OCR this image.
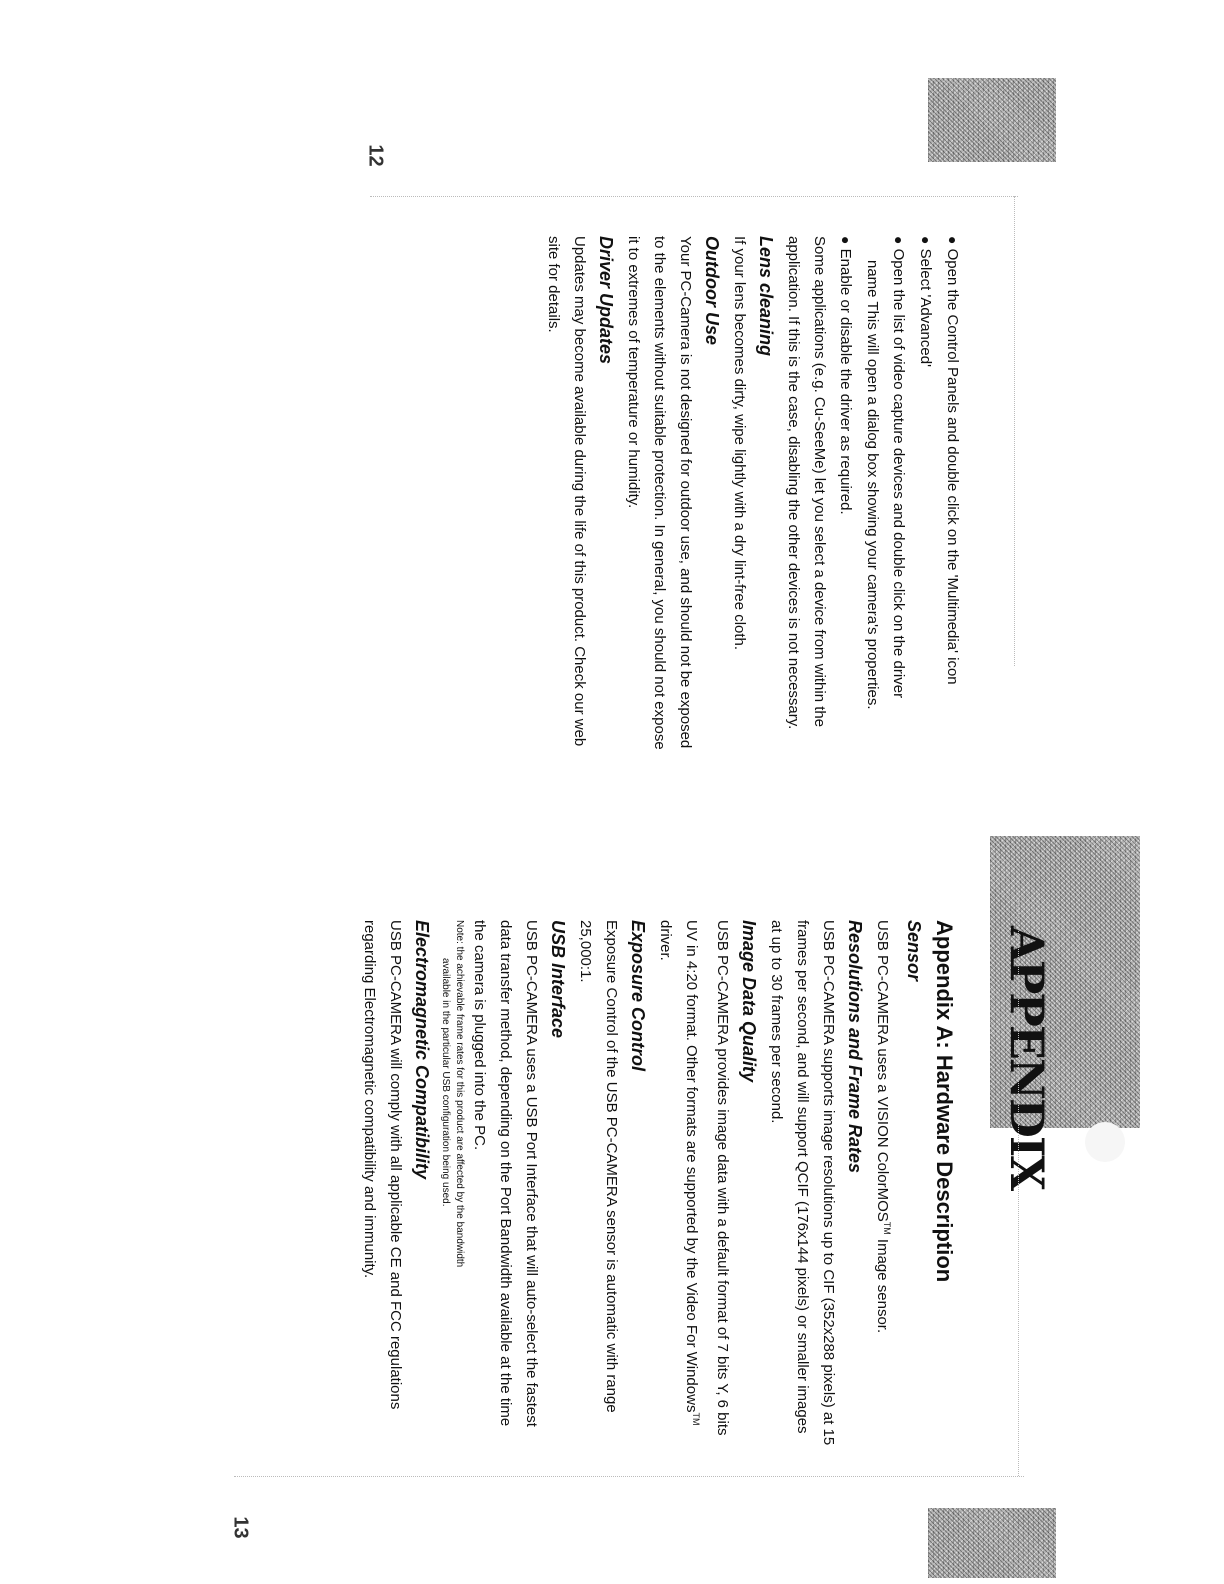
APPENDIX
12
13

● Open the Control Panels and double click on the 'Multimedia' icon

● Select 'Advanced'

● Open the list of video capture devices and double click on the driver
name This will open a dialog box showing your camera's properties.

● Enable or disable the driver as required.

Some applications (e.g. Cu-SeeMe) let you select a device from within the application. If this is the case, disabling the other devices is not necessary.

Lens cleaning

If your lens becomes dirty, wipe lightly with a dry lint-free cloth.

Outdoor Use

Your PC-Camera is not designed for outdoor use, and should not be exposed to the elements without suitable protection. In general, you should not expose it to extremes of temperature or humidity.

Driver Updates

Updates may become available during the life of this product. Check our web site for details.

Appendix A: Hardware Description

Sensor

USB PC-CAMERA uses a VISION ColorMOS™ Image sensor.

Resolutions and Frame Rates

USB PC-CAMERA supports image resolutions up to CIF (352x288 pixels) at 15 frames per second, and will support QCIF (176x144 pixels) or smaller images at up to 30 frames per second.

Image Data Quality

USB PC-CAMERA provides image data with a default format of 7 bits Y, 6 bits UV in 4:20 format. Other formats are supported by the Video For Windows™ driver.

Exposure Control

Exposure Control of the USB PC-CAMERA sensor is automatic with range 25,000:1.

USB Interface

USB PC-CAMERA uses a USB Port Interface that will auto-select the fastest data transfer method, depending on the Port Bandwidth available at the time the camera is plugged into the PC.

Note: the achievable frame rates for this product are affected by the bandwidth
available in the particular USB configuration being used.

Electromagnetic Compatibility

USB PC-CAMERA will comply with all applicable CE and FCC regulations regarding Electromagnetic compatibility and immunity.
